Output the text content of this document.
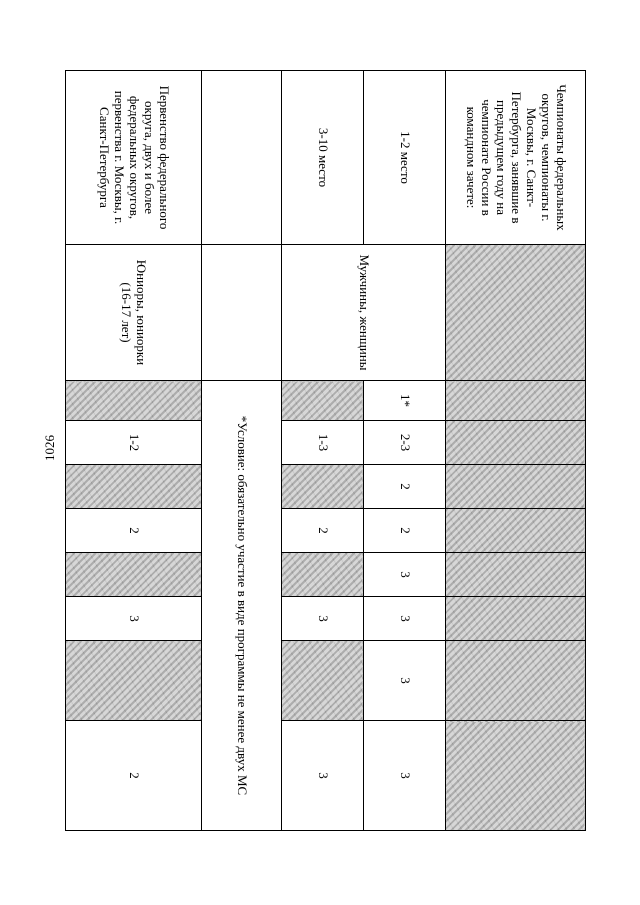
1026
Чемпионаты федеральных округов, чемпионаты г. Москвы, г. Санкт-Петербурга, занявшие в предыдущем году на чемпионате России в командном зачете:									
1-2 место	Мужчины, женщины	1*	2-3	2	2	3	3	3	3
3-10 место			1-3		2		3		3
		*Условие: обязательно участие в виде программы не менее двух МС							
Первенство федерального округа, двух и более федеральных округов, первенства г. Москвы, г. Санкт-Петербурга	Юниоры, юниорки (16-17 лет)		1-2		2		3		2
